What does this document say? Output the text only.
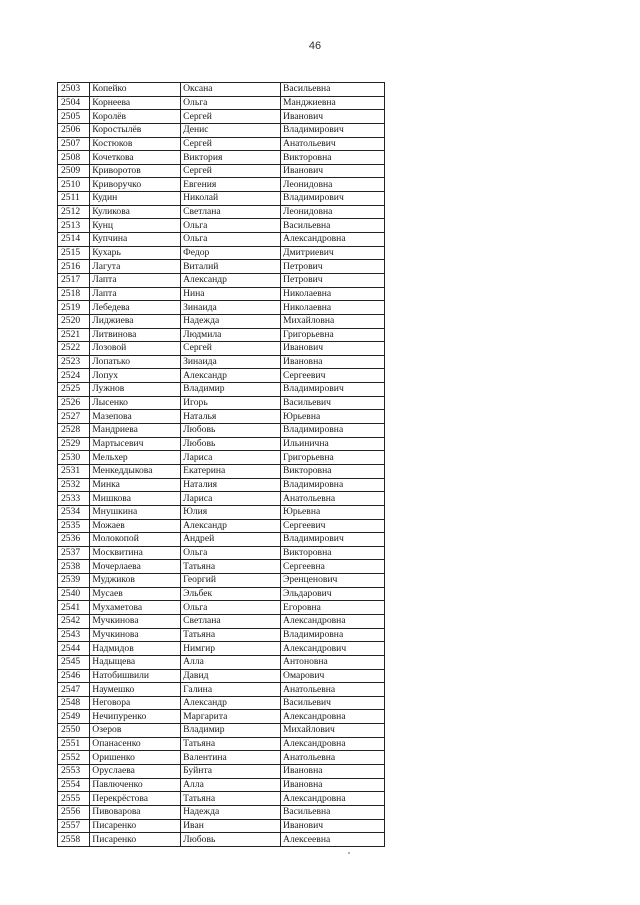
46
2503	Копейко	Оксана	Васильевна
2504	Корнеева	Ольга	Манджиевна
2505	Королёв	Сергей	Иванович
2506	Коростылёв	Денис	Владимирович
2507	Костюков	Сергей	Анатольевич
2508	Кочеткова	Виктория	Викторовна
2509	Криворотов	Сергей	Иванович
2510	Криворучко	Евгения	Леонидовна
2511	Кудин	Николай	Владимирович
2512	Куликова	Светлана	Леонидовна
2513	Кунц	Ольга	Васильевна
2514	Купчина	Ольга	Александровна
2515	Кухарь	Федор	Дмитриевич
2516	Лагута	Виталий	Петрович
2517	Лапта	Александр	Петрович
2518	Лапта	Нина	Николаевна
2519	Лебедева	Зинаида	Николаевна
2520	Лиджиева	Надежда	Михайловна
2521	Литвинова	Людмила	Григорьевна
2522	Лозовой	Сергей	Иванович
2523	Лопатько	Зинаида	Ивановна
2524	Лопух	Александр	Сергеевич
2525	Лужнов	Владимир	Владимирович
2526	Лысенко	Игорь	Васильевич
2527	Мазепова	Наталья	Юрьевна
2528	Мандриева	Любовь	Владимировна
2529	Мартысевич	Любовь	Ильинична
2530	Мельхер	Лариса	Григорьевна
2531	Менкеддыкова	Екатерина	Викторовна
2532	Минка	Наталия	Владимировна
2533	Мишкова	Лариса	Анатольевна
2534	Мнушкина	Юлия	Юрьевна
2535	Можаев	Александр	Сергеевич
2536	Молокопой	Андрей	Владимирович
2537	Москвитина	Ольга	Викторовна
2538	Мочерлаева	Татьяна	Сергеевна
2539	Муджиков	Георгий	Эренценович
2540	Мусаев	Эльбек	Эльдарович
2541	Мухаметова	Ольга	Егоровна
2542	Мучкинова	Светлана	Александровна
2543	Мучкинова	Татьяна	Владимировна
2544	Надмидов	Нимгир	Александрович
2545	Надыщева	Алла	Антоновна
2546	Натобишвили	Давид	Омарович
2547	Наумешко	Галина	Анатольевна
2548	Неговора	Александр	Васильевич
2549	Нечипуренко	Маргарита	Александровна
2550	Озеров	Владимир	Михайлович
2551	Опанасенко	Татьяна	Александровна
2552	Оришенко	Валентина	Анатольевна
2553	Оруслаева	Буйнта	Ивановна
2554	Павлюченко	Алла	Ивановна
2555	Перекрёстова	Татьяна	Александровна
2556	Пивоварова	Надежда	Васильевна
2557	Писаренко	Иван	Иванович
2558	Писаренко	Любовь	Алексеевна
